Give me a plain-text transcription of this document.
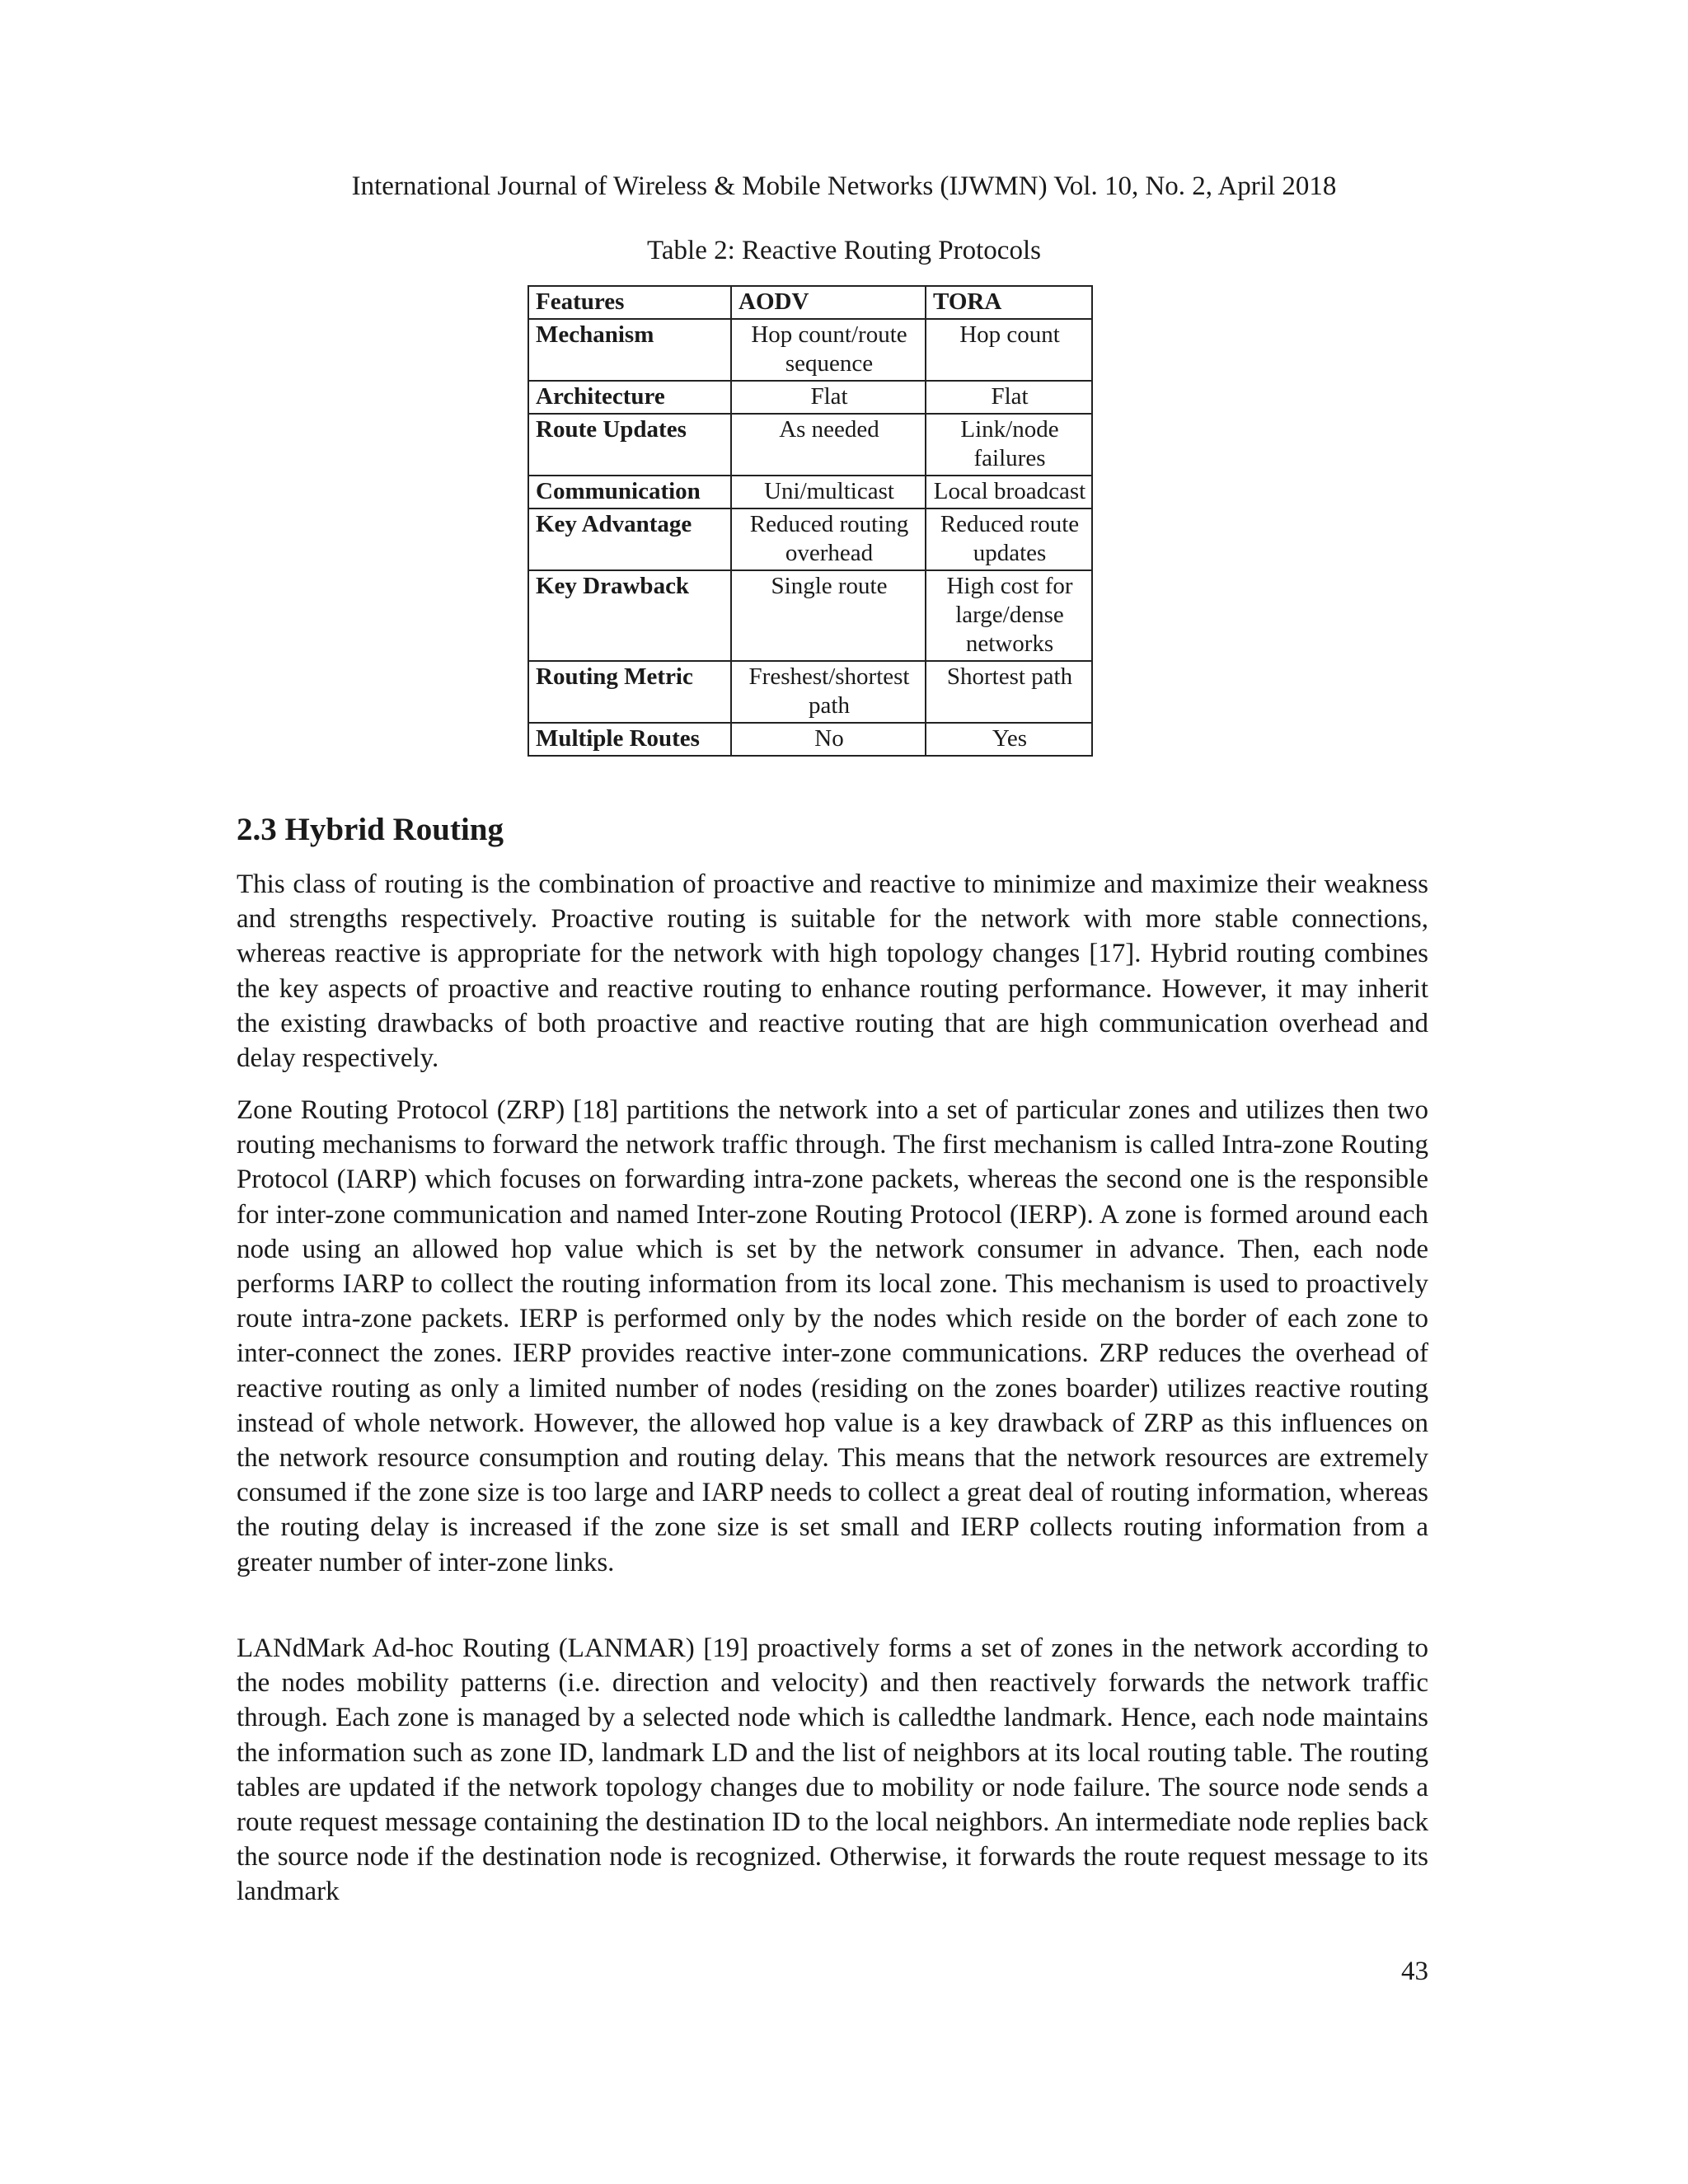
International Journal of Wireless & Mobile Networks (IJWMN) Vol. 10, No. 2, April 2018
Table 2: Reactive Routing Protocols
Features	AODV	TORA
Mechanism	Hop count/route sequence	Hop count
Architecture	Flat	Flat
Route Updates	As needed	Link/node failures
Communication	Uni/multicast	Local broadcast
Key Advantage	Reduced routing overhead	Reduced route updates
Key Drawback	Single route	High cost for large/dense networks
Routing Metric	Freshest/shortest path	Shortest path
Multiple Routes	No	Yes
2.3 Hybrid Routing

This class of routing is the combination of proactive and reactive to minimize and maximize their weakness and strengths respectively. Proactive routing is suitable for the network with more stable connections, whereas reactive is appropriate for the network with high topology changes [17]. Hybrid routing combines the key aspects of proactive and reactive routing to enhance routing performance. However, it may inherit the existing drawbacks of both proactive and reactive routing that are high communication overhead and delay respectively.

Zone Routing Protocol (ZRP) [18] partitions the network into a set of particular zones and utilizes then two routing mechanisms to forward the network traffic through. The first mechanism is called Intra-zone Routing Protocol (IARP) which focuses on forwarding intra-zone packets, whereas the second one is the responsible for inter-zone communication and named Inter-zone Routing Protocol (IERP). A zone is formed around each node using an allowed hop value which is set by the network consumer in advance. Then, each node performs IARP to collect the routing information from its local zone. This mechanism is used to proactively route intra-zone packets. IERP is performed only by the nodes which reside on the border of each zone to inter-connect the zones. IERP provides reactive inter-zone communications. ZRP reduces the overhead of reactive routing as only a limited number of nodes (residing on the zones boarder) utilizes reactive routing instead of whole network. However, the allowed hop value is a key drawback of ZRP as this influences on the network resource consumption and routing delay. This means that the network resources are extremely consumed if the zone size is too large and IARP needs to collect a great deal of routing information, whereas the routing delay is increased if the zone size is set small and IERP collects routing information from a greater number of inter-zone links.

LANdMark Ad-hoc Routing (LANMAR) [19] proactively forms a set of zones in the network according to the nodes mobility patterns (i.e. direction and velocity) and then reactively forwards the network traffic through. Each zone is managed by a selected node which is calledthe landmark. Hence, each node maintains the information such as zone ID, landmark LD and the list of neighbors at its local routing table. The routing tables are updated if the network topology changes due to mobility or node failure. The source node sends a route request message containing the destination ID to the local neighbors. An intermediate node replies back the source node if the destination node is recognized. Otherwise, it forwards the route request message to its landmark

43
